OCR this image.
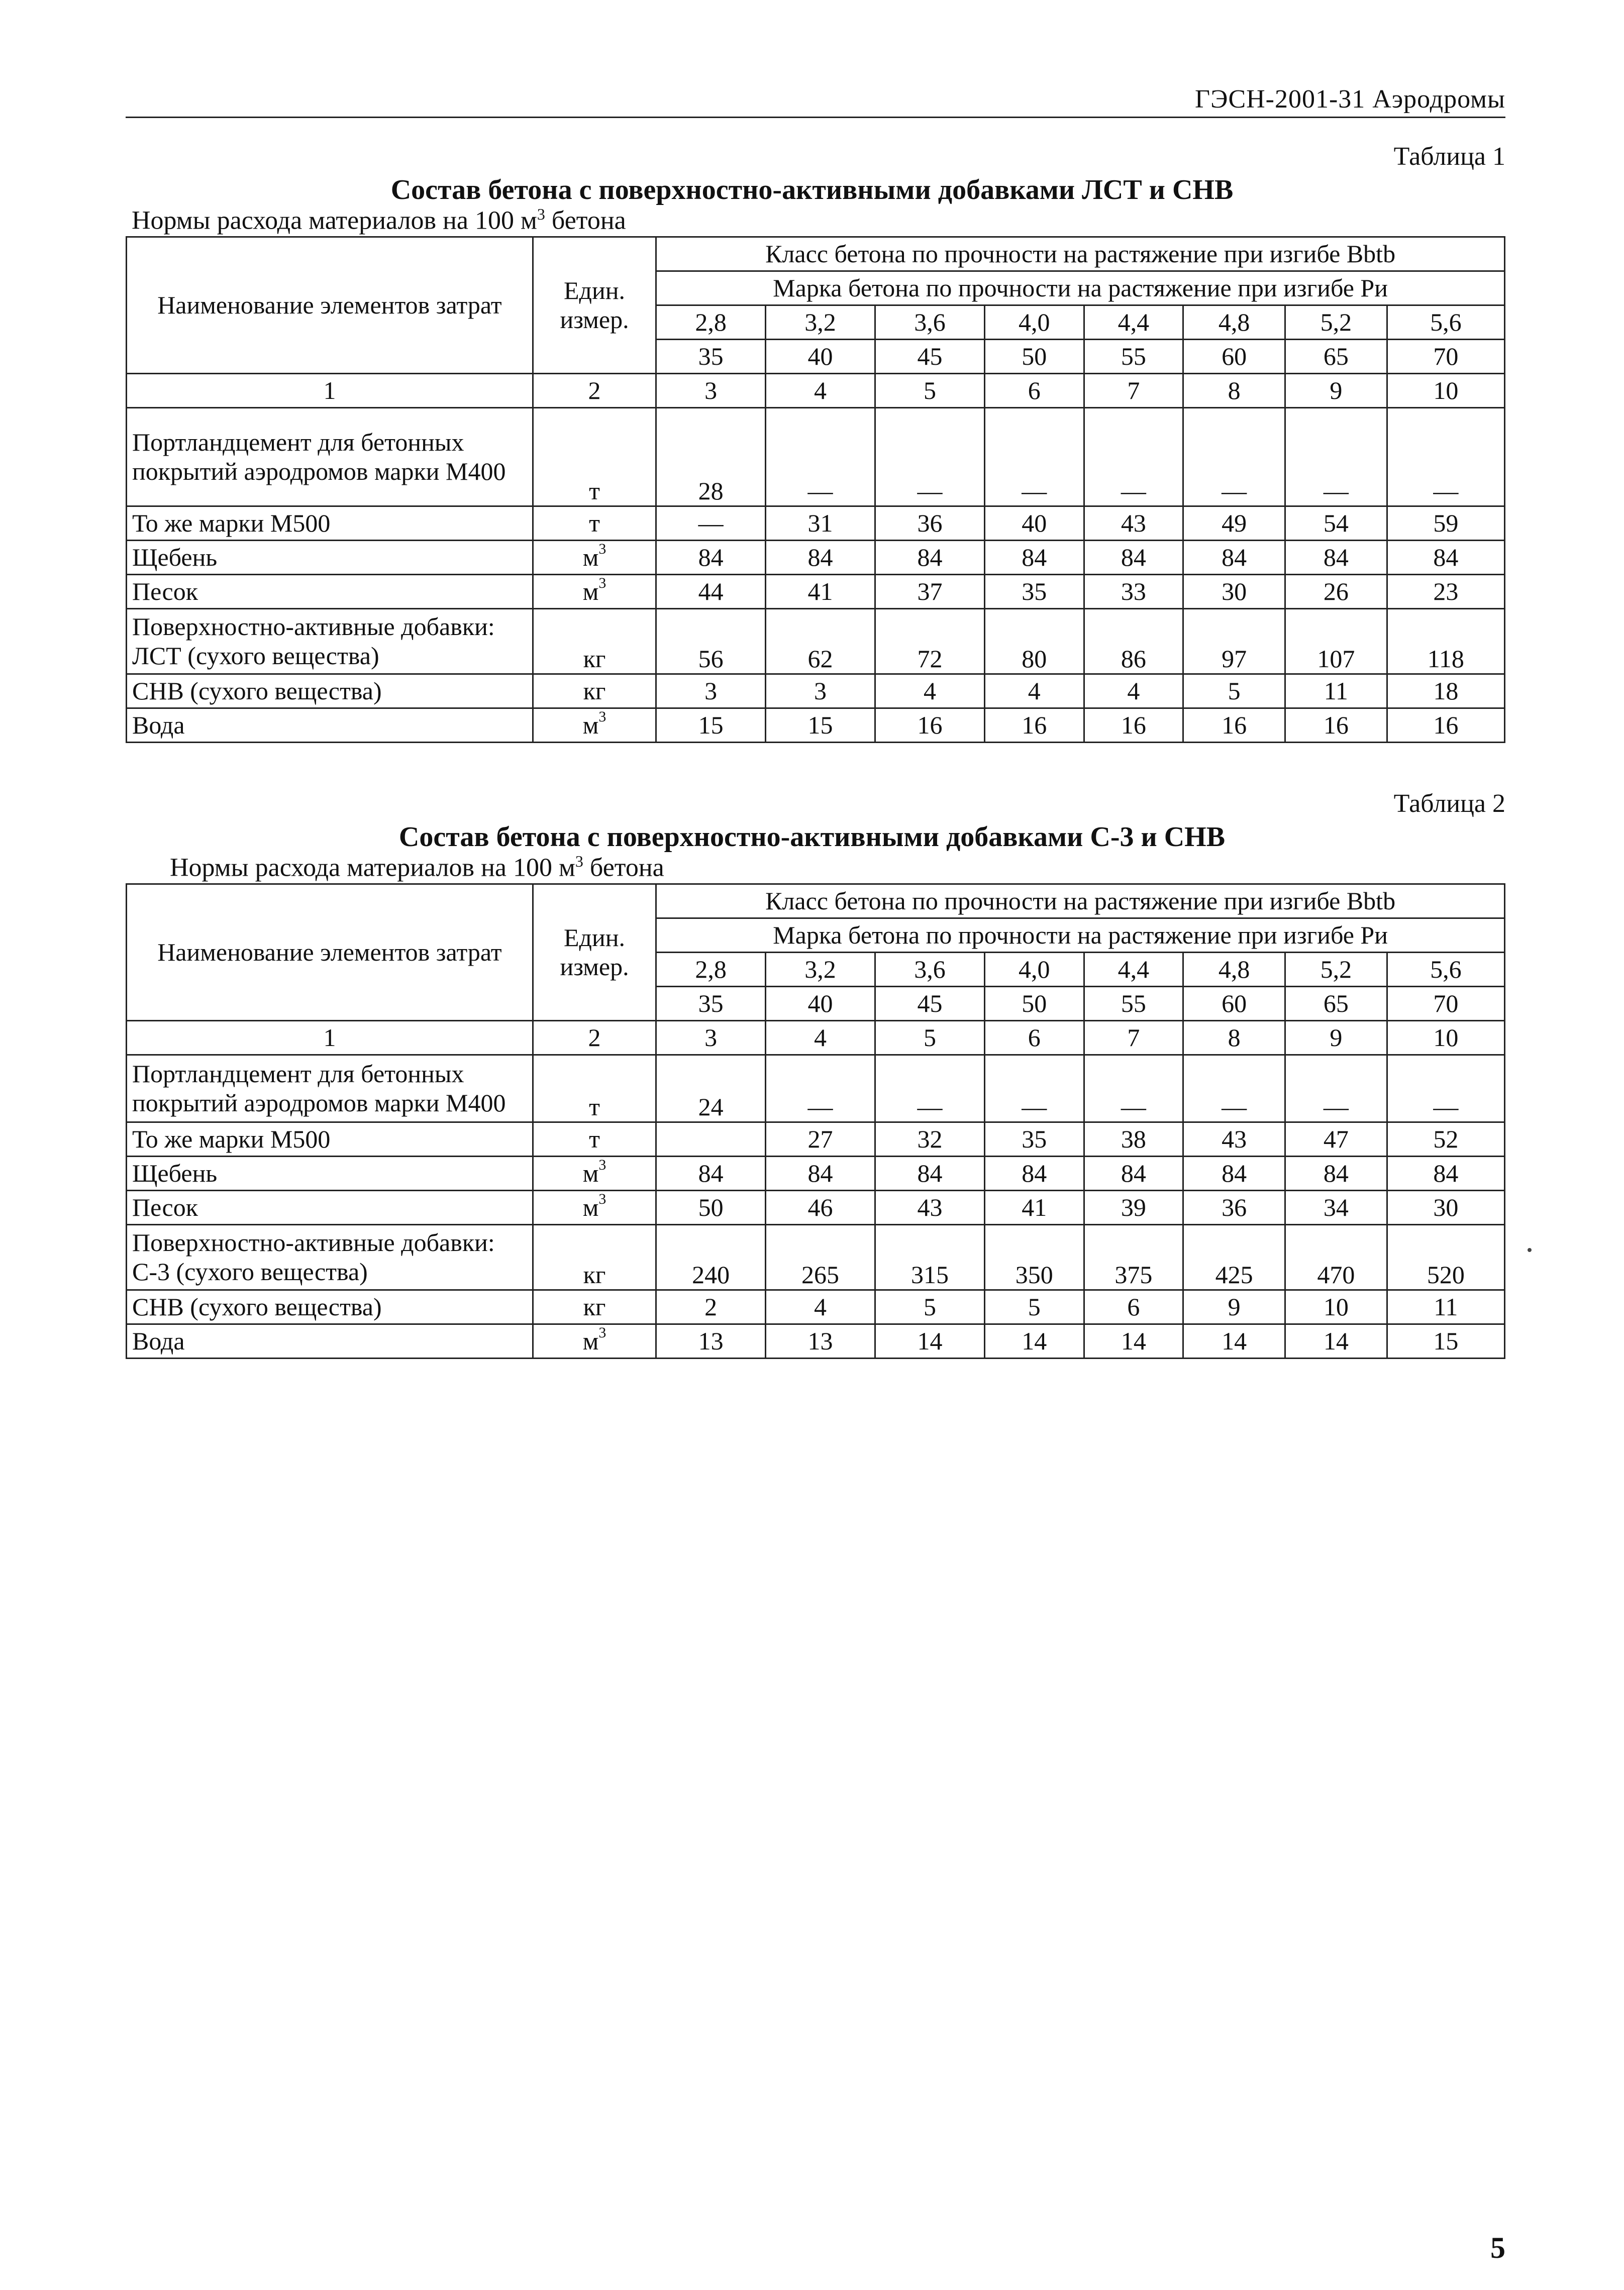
ГЭСН-2001-31 Аэродромы
Таблица 1
Состав бетона с поверхностно-активными добавками ЛСТ и СНВ
Нормы расхода материалов на 100 $м^3$ бетона
Наименование элементов затрат	Един. измер.	Класс бетона по прочности на растяжение при изгибе Bbtb							
		Марка бетона по прочности на растяжение при изгибе Ри							
		2,8	3,2	3,6	4,0	4,4	4,8	5,2	5,6
		35	40	45	50	55	60	65	70
1	2	3	4	5	6	7	8	9	10
Портландцемент для бетонных покрытий аэродромов марки М400	т	28	—	—	—	—	—	—	—
То же марки М500	т	—	31	36	40	43	49	54	59
Щебень	$м^3$	84	84	84	84	84	84	84	84
Песок	$м^3$	44	41	37	35	33	30	26	23
Поверхностно-активные добавки: ЛСТ (сухого вещества)	кг	56	62	72	80	86	97	107	118
СНВ (сухого вещества)	кг	3	3	4	4	4	5	11	18
Вода	$м^3$	15	15	16	16	16	16	16	16
Таблица 2
Состав бетона с поверхностно-активными добавками С-3 и СНВ
Нормы расхода материалов на 100 $м^3$ бетона
Наименование элементов затрат	Един. измер.	Класс бетона по прочности на растяжение при изгибе Bbtb							
		Марка бетона по прочности на растяжение при изгибе Ри							
		2,8	3,2	3,6	4,0	4,4	4,8	5,2	5,6
		35	40	45	50	55	60	65	70
1	2	3	4	5	6	7	8	9	10
Портландцемент для бетонных покрытий аэродромов марки М400	т	24	—	—	—	—	—	—	—
То же марки М500	т		27	32	35	38	43	47	52
Щебень	$м^3$	84	84	84	84	84	84	84	84
Песок	$м^3$	50	46	43	41	39	36	34	30
Поверхностно-активные добавки: С-3 (сухого вещества)	кг	240	265	315	350	375	425	470	520
СНВ (сухого вещества)	кг	2	4	5	5	6	9	10	11
Вода	$м^3$	13	13	14	14	14	14	14	15
5
